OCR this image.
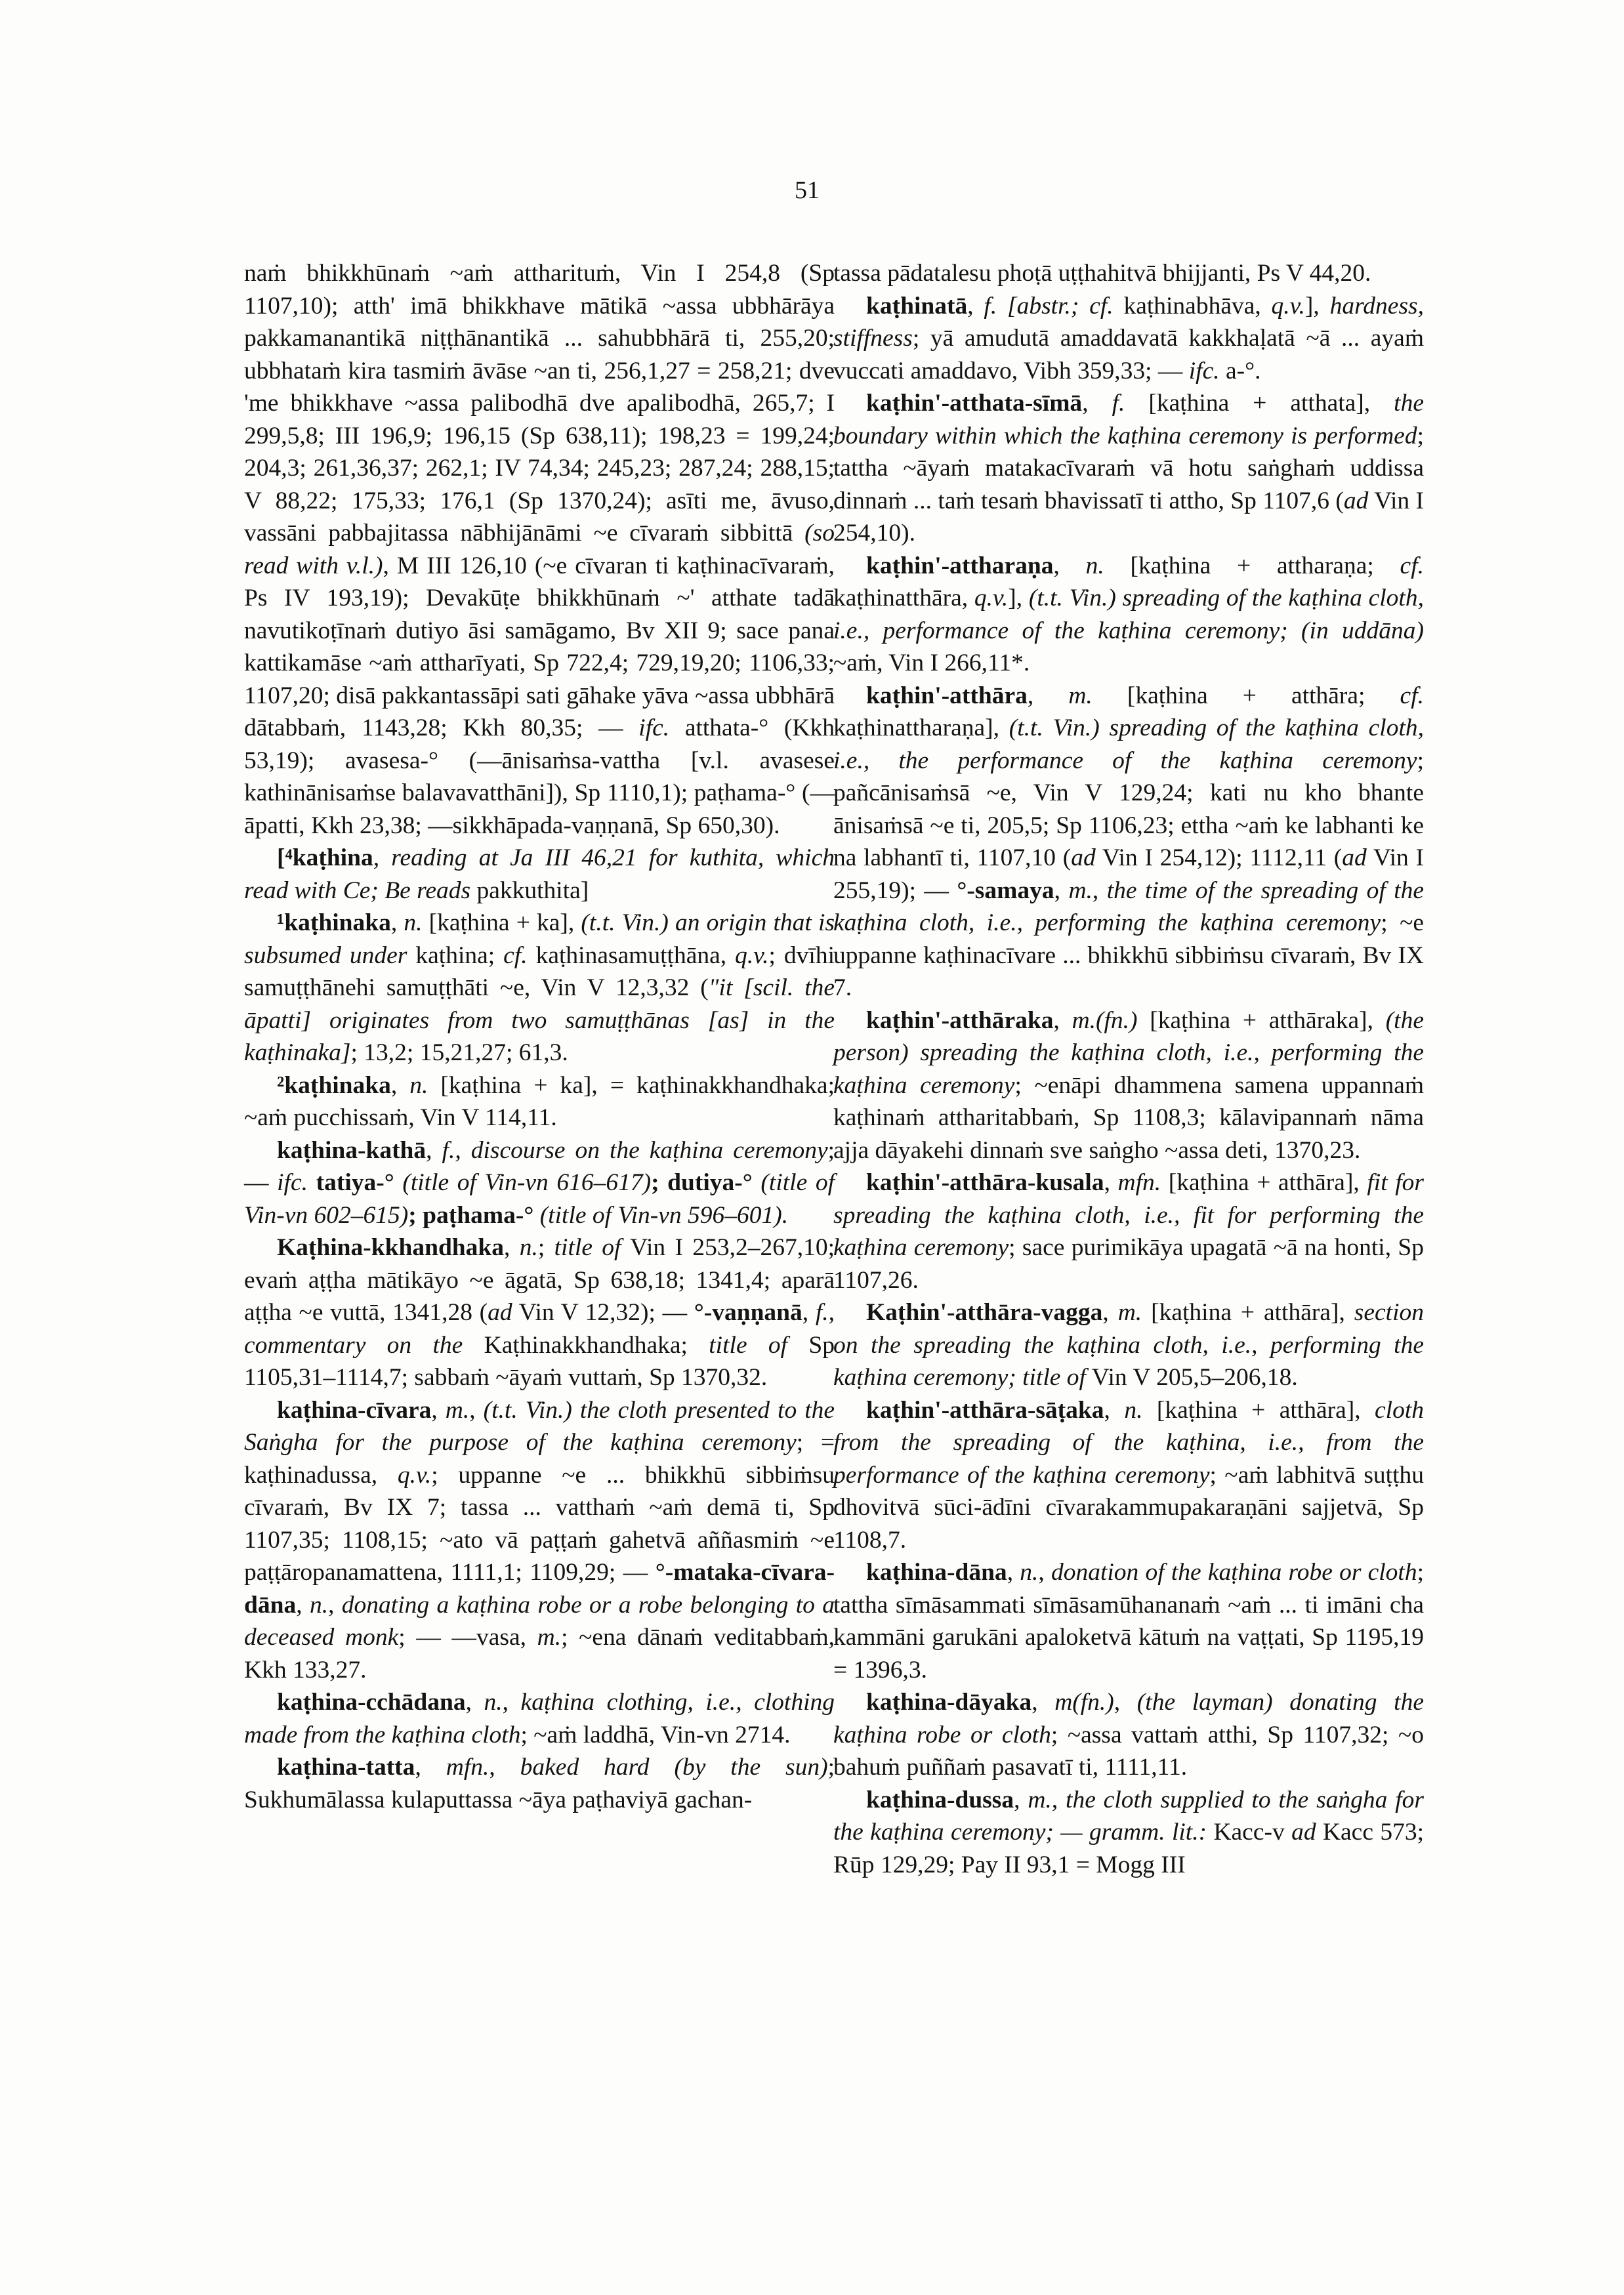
51

naṁ bhikkhūnaṁ ~aṁ attharituṁ, Vin I 254,8 (Sp 1107,10); atth' imā bhikkhave mātikā ~assa ubbhārāya pakkamanantikā niṭṭhānantikā ... sahubbhārā ti, 255,20; ubbhataṁ kira tasmiṁ āvāse ~an ti, 256,1,27 = 258,21; dve 'me bhikkhave ~assa palibodhā dve apalibodhā, 265,7; I 299,5,8; III 196,9; 196,15 (Sp 638,11); 198,23 = 199,24; 204,3; 261,36,37; 262,1; IV 74,34; 245,23; 287,24; 288,15; V 88,22; 175,33; 176,1 (Sp 1370,24); asīti me, āvuso, vassāni pabbajitassa nābhijānāmi ~e cīvaraṁ sibbittā (so read with v.l.), M III 126,10 (~e cīvaran ti kaṭhinacīvaraṁ, Ps IV 193,19); Devakūṭe bhikkhūnaṁ ~' atthate tadā navutikoṭīnaṁ dutiyo āsi samāgamo, Bv XII 9; sace pana kattikamāse ~aṁ attharīyati, Sp 722,4; 729,19,20; 1106,33; 1107,20; disā pakkantassāpi sati gāhake yāva ~assa ubbhārā dātabbaṁ, 1143,28; Kkh 80,35; — ifc. atthata-° (Kkh 53,19); avasesa-° (—ānisaṁsa-vattha [v.l. avasese kathinānisaṁse balavavatthāni]), Sp 1110,1); paṭhama-° (—āpatti, Kkh 23,38; —sikkhāpada-vaṇṇanā, Sp 650,30).

[⁴kaṭhina, reading at Ja III 46,21 for kuthita, which read with Ce; Be reads pakkuthita]

¹kaṭhinaka, n. [kaṭhina + ka], (t.t. Vin.) an origin that is subsumed under kaṭhina; cf. kaṭhinasamuṭṭhāna, q.v.; dvīhi samuṭṭhānehi samuṭṭhāti ~e, Vin V 12,3,32 ("it [scil. the āpatti] originates from two samuṭṭhānas [as] in the kaṭhinaka]; 13,2; 15,21,27; 61,3.

²kaṭhinaka, n. [kaṭhina + ka], = kaṭhinakkhandhaka; ~aṁ pucchissaṁ, Vin V 114,11.

kaṭhina-kathā, f., discourse on the kaṭhina ceremony; — ifc. tatiya-° (title of Vin-vn 616–617); dutiya-° (title of Vin-vn 602–615); paṭhama-° (title of Vin-vn 596–601).

Kaṭhina-kkhandhaka, n.; title of Vin I 253,2–267,10; evaṁ aṭṭha mātikāyo ~e āgatā, Sp 638,18; 1341,4; aparā aṭṭha ~e vuttā, 1341,28 (ad Vin V 12,32); — °-vaṇṇanā, f., commentary on the Kaṭhinakkhandhaka; title of Sp 1105,31–1114,7; sabbaṁ ~āyaṁ vuttaṁ, Sp 1370,32.

kaṭhina-cīvara, m., (t.t. Vin.) the cloth presented to the Saṅgha for the purpose of the kaṭhina ceremony; = kaṭhinadussa, q.v.; uppanne ~e ... bhikkhū sibbiṁsu cīvaraṁ, Bv IX 7; tassa ... vatthaṁ ~aṁ demā ti, Sp 1107,35; 1108,15; ~ato vā paṭṭaṁ gahetvā aññasmiṁ ~e paṭṭāropanamattena, 1111,1; 1109,29; — °-mataka-cīvara-dāna, n., donating a kaṭhina robe or a robe belonging to a deceased monk; — —vasa, m.; ~ena dānaṁ veditabbaṁ, Kkh 133,27.

kaṭhina-cchādana, n., kaṭhina clothing, i.e., clothing made from the kaṭhina cloth; ~aṁ laddhā, Vin-vn 2714.

kaṭhina-tatta, mfn., baked hard (by the sun); Sukhumālassa kulaputtassa ~āya paṭhaviyā gachan-

tassa pādatalesu phoṭā uṭṭhahitvā bhijjanti, Ps V 44,20.

kaṭhinatā, f. [abstr.; cf. kaṭhinabhāva, q.v.], hardness, stiffness; yā amudutā amaddavatā kakkhaḷatā ~ā ... ayaṁ vuccati amaddavo, Vibh 359,33; — ifc. a-°.

kaṭhin'-atthata-sīmā, f. [kaṭhina + atthata], the boundary within which the kaṭhina ceremony is performed; tattha ~āyaṁ matakacīvaraṁ vā hotu saṅghaṁ uddissa dinnaṁ ... taṁ tesaṁ bhavissatī ti attho, Sp 1107,6 (ad Vin I 254,10).

kaṭhin'-attharaṇa, n. [kaṭhina + attharaṇa; cf. kaṭhinatthāra, q.v.], (t.t. Vin.) spreading of the kaṭhina cloth, i.e., performance of the kaṭhina ceremony; (in uddāna) ~aṁ, Vin I 266,11*.

kaṭhin'-atthāra, m. [kaṭhina + atthāra; cf. kaṭhinattharaṇa], (t.t. Vin.) spreading of the kaṭhina cloth, i.e., the performance of the kaṭhina ceremony; pañcānisaṁsā ~e, Vin V 129,24; kati nu kho bhante ānisaṁsā ~e ti, 205,5; Sp 1106,23; ettha ~aṁ ke labhanti ke na labhantī ti, 1107,10 (ad Vin I 254,12); 1112,11 (ad Vin I 255,19); — °-samaya, m., the time of the spreading of the kaṭhina cloth, i.e., performing the kaṭhina ceremony; ~e uppanne kaṭhinacīvare ... bhikkhū sibbiṁsu cīvaraṁ, Bv IX 7.

kaṭhin'-atthāraka, m.(fn.) [kaṭhina + atthāraka], (the person) spreading the kaṭhina cloth, i.e., performing the kaṭhina ceremony; ~enāpi dhammena samena uppannaṁ kaṭhinaṁ attharitabbaṁ, Sp 1108,3; kālavipannaṁ nāma ajja dāyakehi dinnaṁ sve saṅgho ~assa deti, 1370,23.

kaṭhin'-atthāra-kusala, mfn. [kaṭhina + atthāra], fit for spreading the kaṭhina cloth, i.e., fit for performing the kaṭhina ceremony; sace purimikāya upagatā ~ā na honti, Sp 1107,26.

Kaṭhin'-atthāra-vagga, m. [kaṭhina + atthāra], section on the spreading the kaṭhina cloth, i.e., performing the kaṭhina ceremony; title of Vin V 205,5–206,18.

kaṭhin'-atthāra-sāṭaka, n. [kaṭhina + atthāra], cloth from the spreading of the kaṭhina, i.e., from the performance of the kaṭhina ceremony; ~aṁ labhitvā suṭṭhu dhovitvā sūci-ādīni cīvarakammupakaraṇāni sajjetvā, Sp 1108,7.

kaṭhina-dāna, n., donation of the kaṭhina robe or cloth; tattha sīmāsammati sīmāsamūhananaṁ ~aṁ ... ti imāni cha kammāni garukāni apaloketvā kātuṁ na vaṭṭati, Sp 1195,19 = 1396,3.

kaṭhina-dāyaka, m(fn.), (the layman) donating the kaṭhina robe or cloth; ~assa vattaṁ atthi, Sp 1107,32; ~o bahuṁ puññaṁ pasavatī ti, 1111,11.

kaṭhina-dussa, m., the cloth supplied to the saṅgha for the kaṭhina ceremony; — gramm. lit.: Kacc-v ad Kacc 573; Rūp 129,29; Pay II 93,1 = Mogg III
